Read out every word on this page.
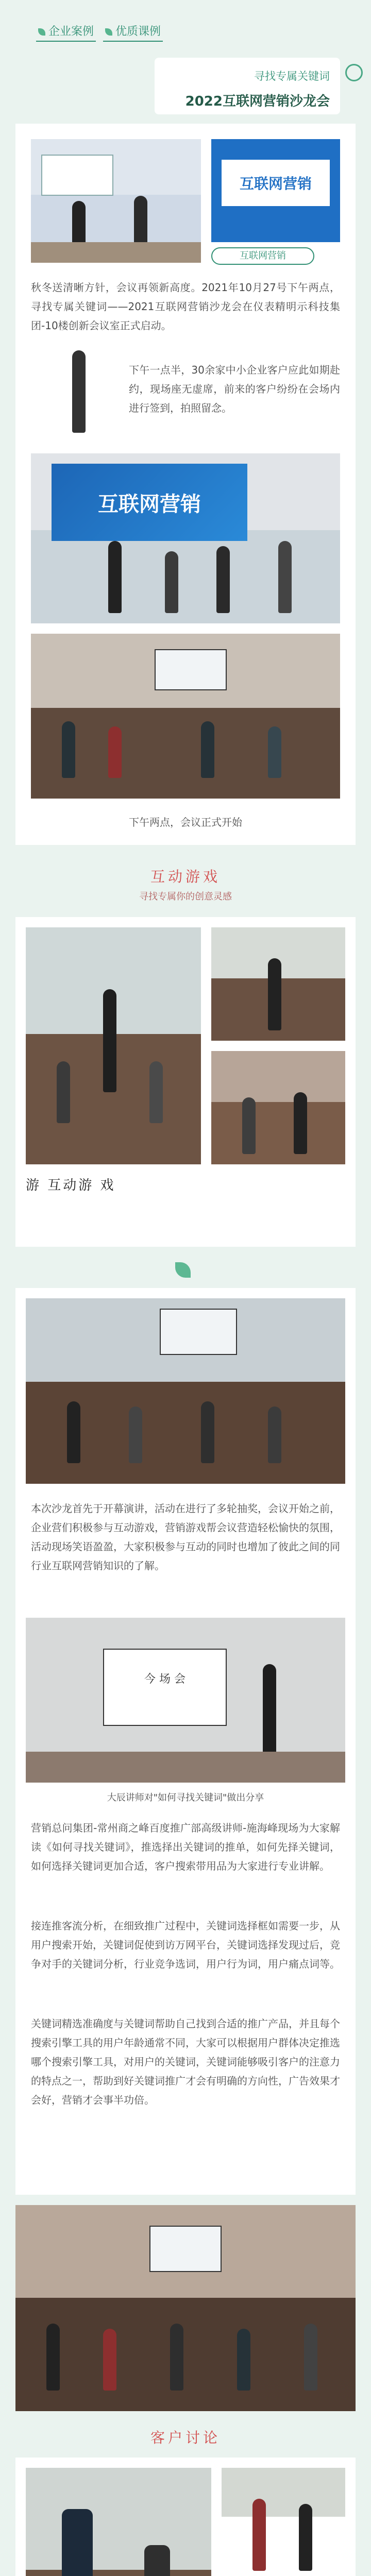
企业案例	优质课例
寻找专属关键词
2022互联网营销沙龙会
互联网营销
互联网营销
秋冬送清晰方针，会议再领新高度。2021年10月27号下午两点，寻找专属关键词——2021互联网营销沙龙会在仪表精明示科技集团-10楼创新会议室正式启动。
下午一点半，30余家中小企业客户应此如期赴约，现场座无虚席，前来的客户纷纷在会场内进行签到，拍照留念。
互联网营销
下午两点，会议正式开始
互动游戏
寻找专属你的创意灵感
游 互动游 戏
本次沙龙首先于开幕演讲，活动在进行了多轮抽奖，会议开始之前，企业营们积极参与互动游戏，营销游戏帮会议营造轻松愉快的氛围，活动现场笑语盈盈，大家积极参与互动的同时也增加了彼此之间的同行业互联网营销知识的了解。
今 场 会
大辰讲师对"如何寻找关键词"做出分享
营销总问集团-常州商之峰百度推广部高级讲师-施海峰现场为大家解读《如何寻找关键词》，推选择出关键词的推单，如何先择关键词，如何选择关键词更加合适，客户搜索带用品为大家进行专业讲解。
接连推客流分析，在细致推广过程中，关键词选择框如需要一步，从用户搜索开始，关键词促使到访万网平台，关键词选择发现过后，竞争对手的关键词分析，行业竞争选词，用户行为词，用户痛点词等。
关键词精选准确度与关键词帮助自己找到合适的推广产品，并且每个搜索引擎工具的用户年龄通常不同，大家可以根据用户群体决定推选哪个搜索引擎工具，对用户的关键词，关键词能够吸引客户的注意力的特点之一，帮助到好关键词推广才会有明确的方向性，广告效果才会好，营销才会事半功倍。
客户讨论
